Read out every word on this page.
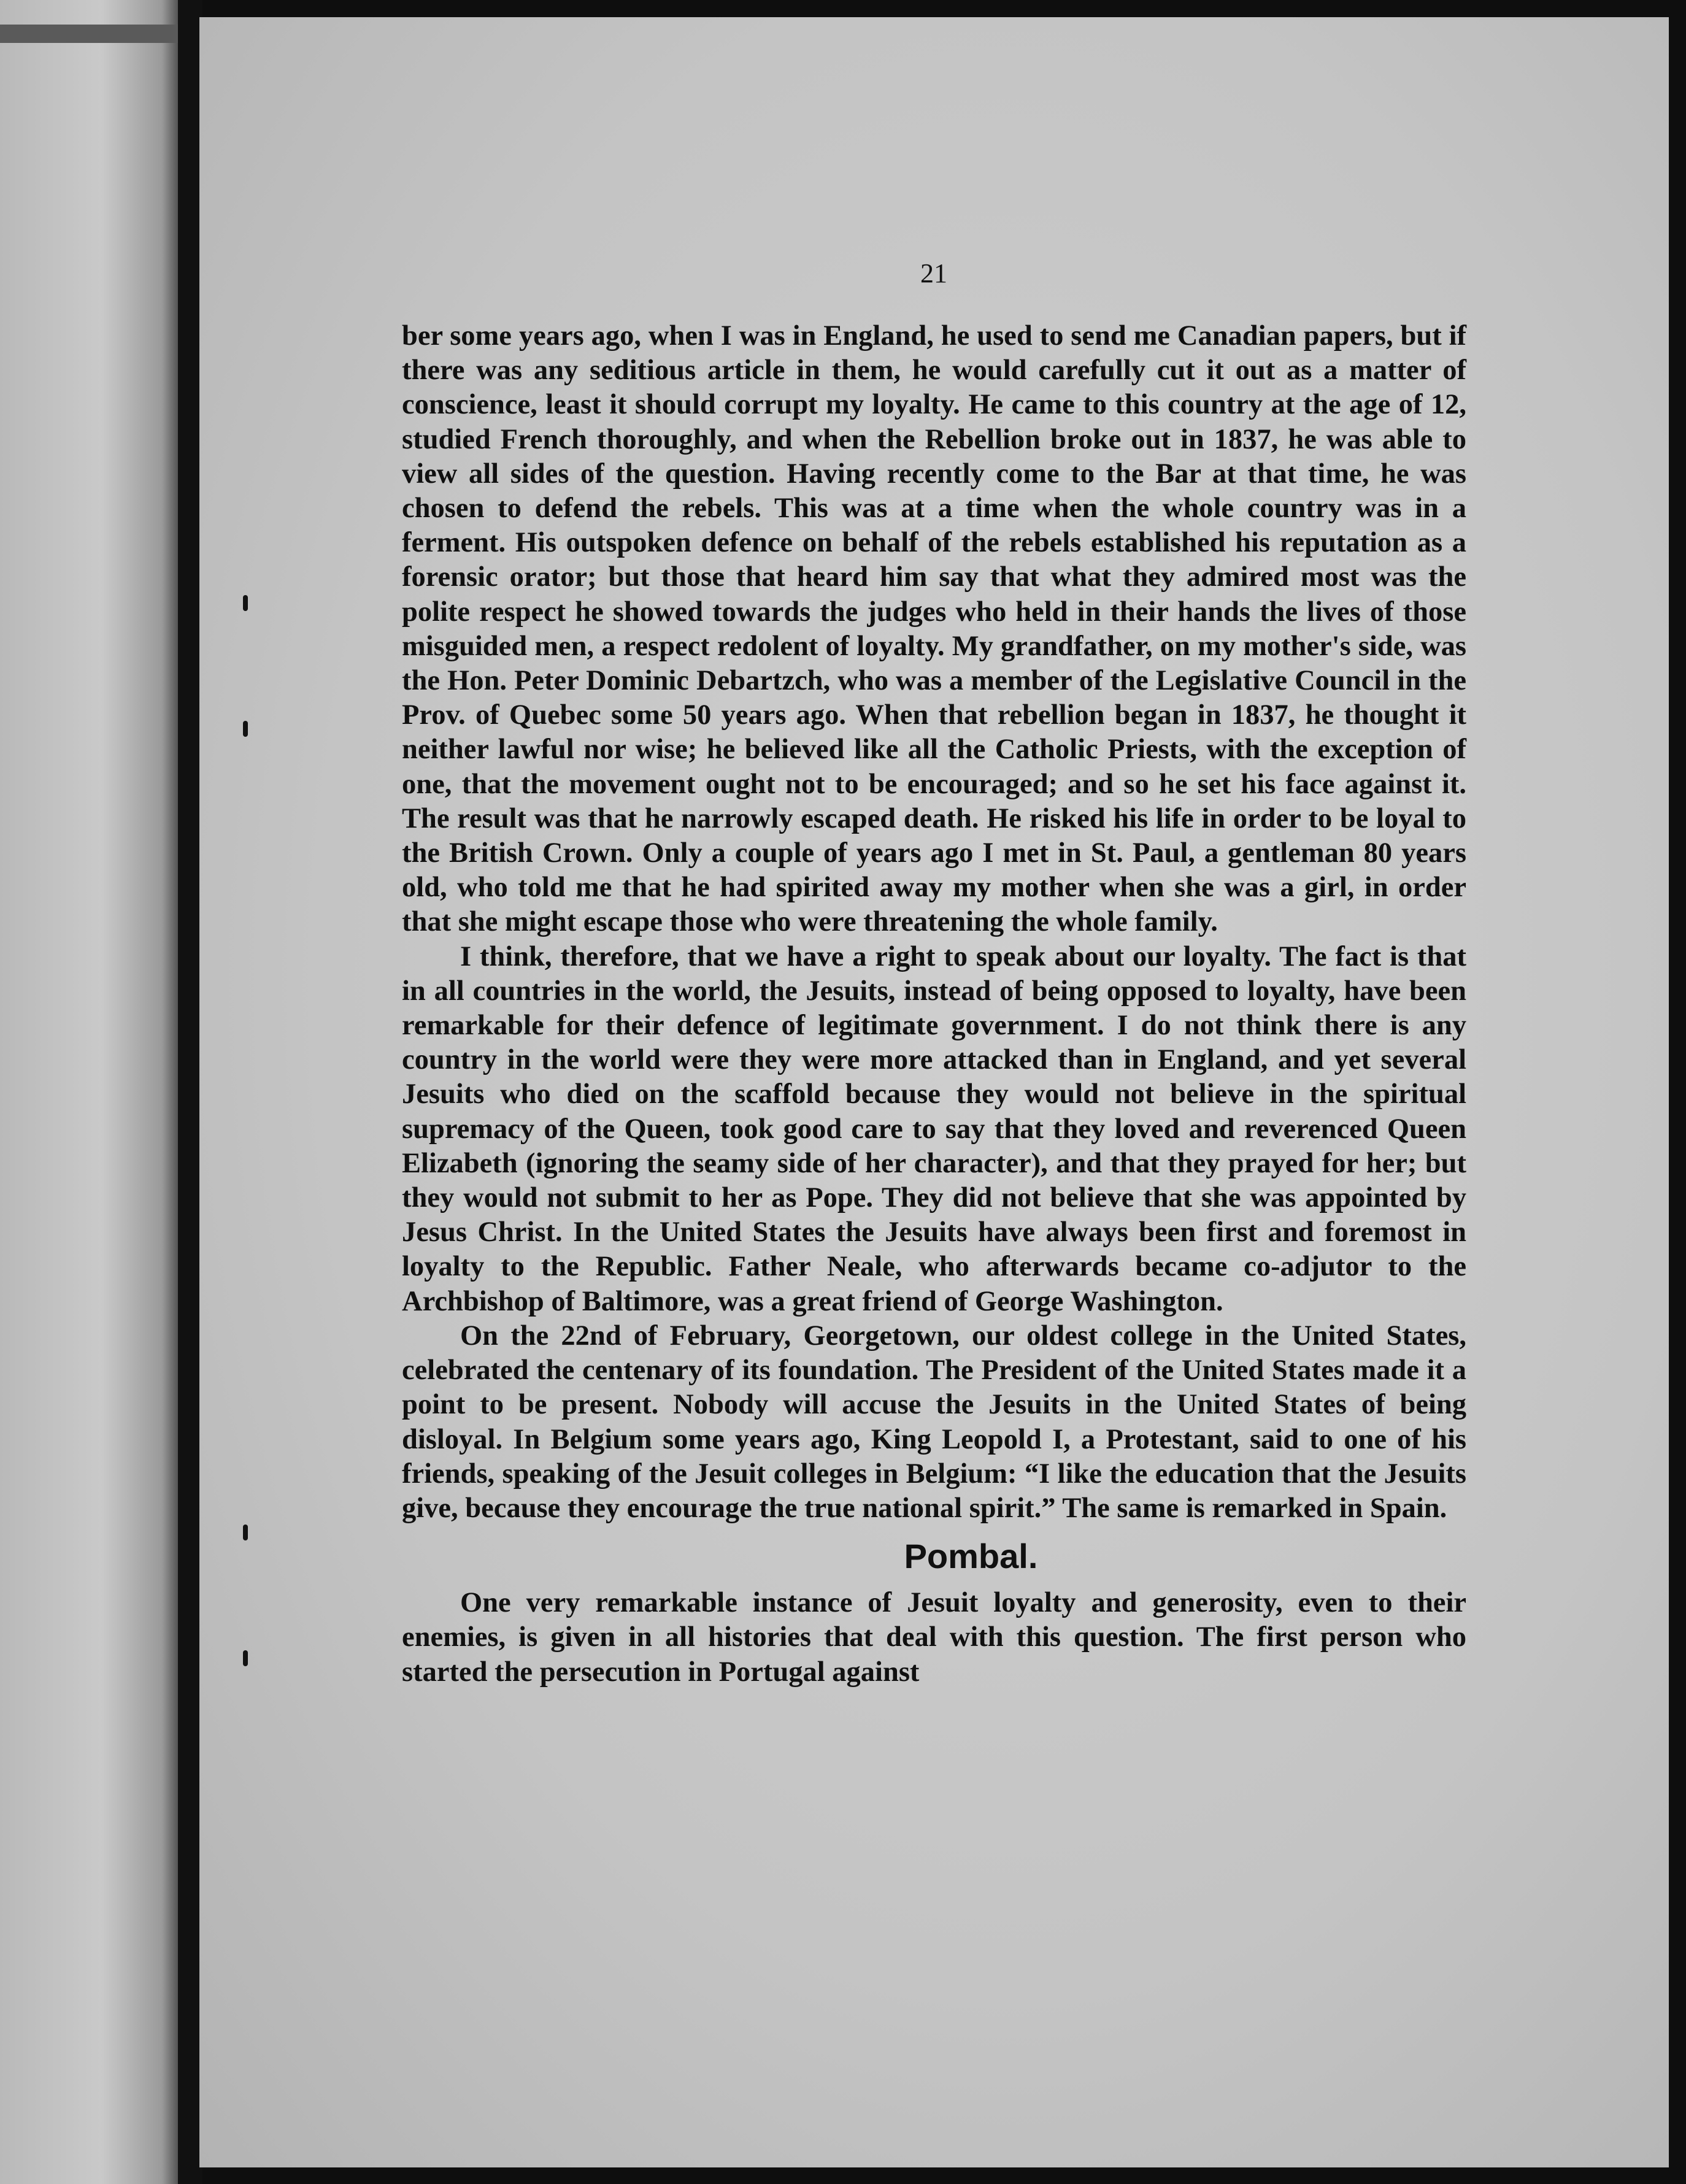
21

ber some years ago, when I was in England, he used to send me Canadian papers, but if there was any seditious article in them, he would carefully cut it out as a matter of conscience, least it should corrupt my loyalty. He came to this country at the age of 12, studied French thoroughly, and when the Rebellion broke out in 1837, he was able to view all sides of the question. Having recently come to the Bar at that time, he was chosen to defend the rebels. This was at a time when the whole country was in a ferment. His outspoken defence on behalf of the rebels established his reputation as a forensic orator; but those that heard him say that what they admired most was the polite respect he showed towards the judges who held in their hands the lives of those misguided men, a respect redolent of loyalty. My grandfather, on my mother's side, was the Hon. Peter Dominic Debartzch, who was a member of the Legislative Council in the Prov. of Quebec some 50 years ago. When that rebellion began in 1837, he thought it neither lawful nor wise; he believed like all the Catholic Priests, with the exception of one, that the movement ought not to be encouraged; and so he set his face against it. The result was that he narrowly escaped death. He risked his life in order to be loyal to the British Crown. Only a couple of years ago I met in St. Paul, a gentleman 80 years old, who told me that he had spirited away my mother when she was a girl, in order that she might escape those who were threatening the whole family.

I think, therefore, that we have a right to speak about our loyalty. The fact is that in all countries in the world, the Jesuits, instead of being opposed to loyalty, have been remarkable for their defence of legitimate government. I do not think there is any country in the world were they were more attacked than in England, and yet several Jesuits who died on the scaffold because they would not believe in the spiritual supremacy of the Queen, took good care to say that they loved and reverenced Queen Elizabeth (ignoring the seamy side of her character), and that they prayed for her; but they would not submit to her as Pope. They did not believe that she was appointed by Jesus Christ. In the United States the Jesuits have always been first and foremost in loyalty to the Republic. Father Neale, who afterwards became co-adjutor to the Archbishop of Baltimore, was a great friend of George Washington.

On the 22nd of February, Georgetown, our oldest college in the United States, celebrated the centenary of its foundation. The President of the United States made it a point to be present. Nobody will accuse the Jesuits in the United States of being disloyal. In Belgium some years ago, King Leopold I, a Protestant, said to one of his friends, speaking of the Jesuit colleges in Belgium: “I like the education that the Jesuits give, because they encourage the true national spirit.” The same is remarked in Spain.

Pombal.

One very remarkable instance of Jesuit loyalty and generosity, even to their enemies, is given in all histories that deal with this question. The first person who started the persecution in Portugal against
